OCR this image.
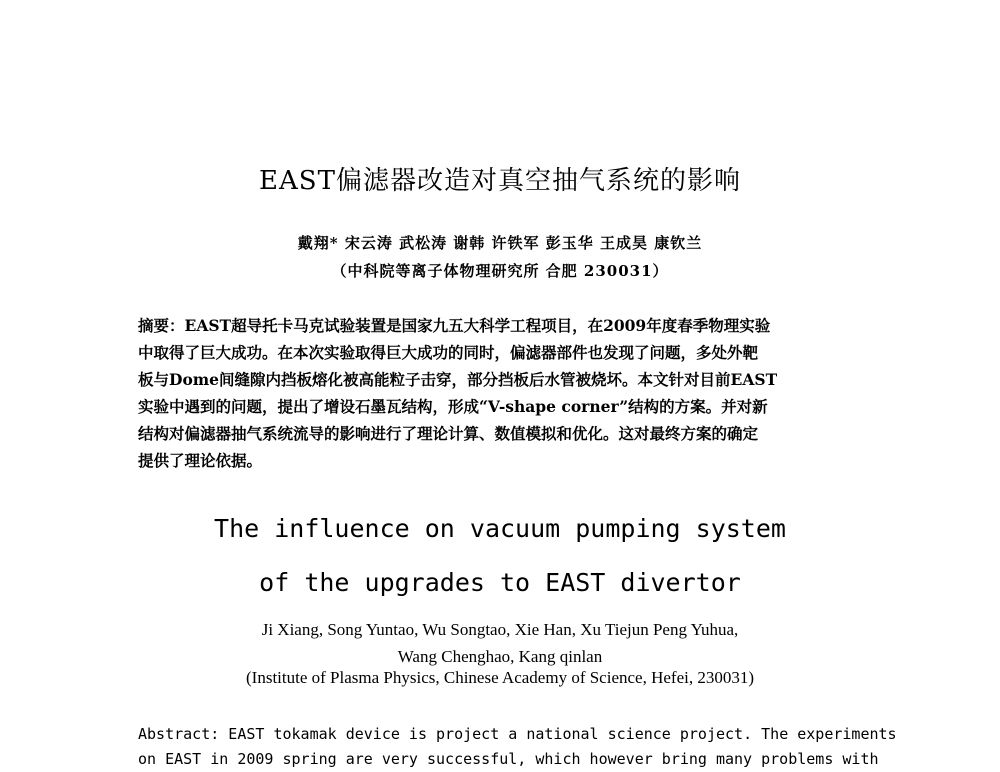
EAST偏滤器改造对真空抽气系统的影响
戴翔* 宋云涛 武松涛 谢韩 许铁军 彭玉华 王成昊 康钦兰
（中科院等离子体物理研究所 合肥 230031）
摘要：EAST超导托卡马克试验装置是国家九五大科学工程项目，在2009年度春季物理实验
中取得了巨大成功。在本次实验取得巨大成功的同时，偏滤器部件也发现了问题，多处外靶
板与Dome间缝隙内挡板熔化被高能粒子击穿，部分挡板后水管被烧坏。本文针对目前EAST
实验中遇到的问题，提出了增设石墨瓦结构，形成“V-shape corner”结构的方案。并对新
结构对偏滤器抽气系统流导的影响进行了理论计算、数值模拟和优化。这对最终方案的确定
提供了理论依据。
The influence on vacuum pumping system
of the upgrades to EAST divertor
Ji Xiang, Song Yuntao, Wu Songtao, Xie Han, Xu Tiejun Peng Yuhua,
Wang Chenghao, Kang qinlan
(Institute of Plasma Physics, Chinese Academy of Science, Hefei, 230031)
Abstract: EAST tokamak device is project a national science project. The experiments
on EAST in 2009 spring are very successful, which however bring many problems with
